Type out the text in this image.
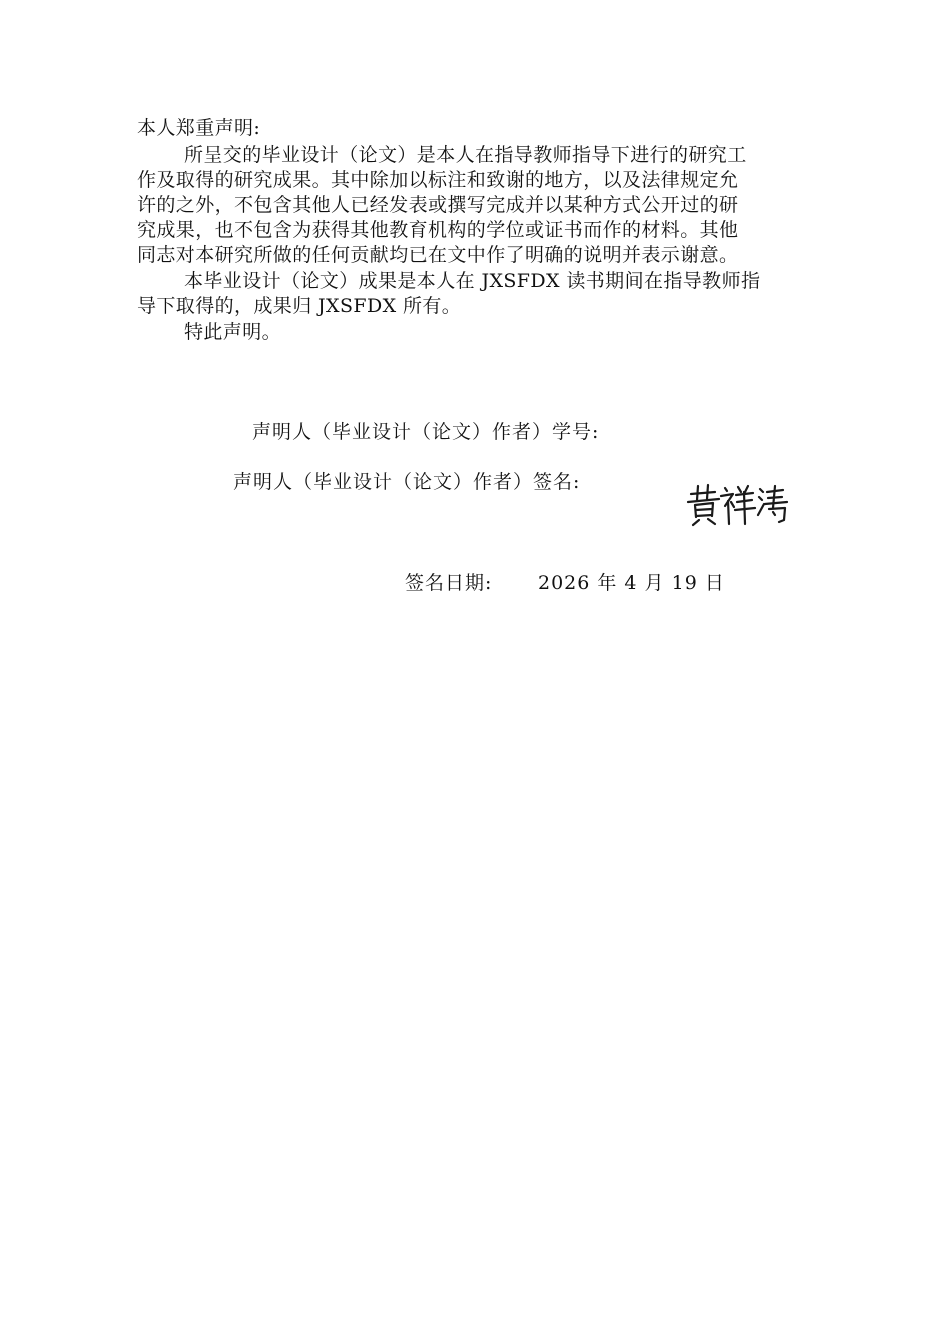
本人郑重声明:
所呈交的毕业设计（论文）是本人在指导教师指导下进行的研究工
作及取得的研究成果。其中除加以标注和致谢的地方，以及法律规定允
许的之外，不包含其他人已经发表或撰写完成并以某种方式公开过的研
究成果，也不包含为获得其他教育机构的学位或证书而作的材料。其他
同志对本研究所做的任何贡献均已在文中作了明确的说明并表示谢意。
本毕业设计（论文）成果是本人在 JXSFDX 读书期间在指导教师指
导下取得的，成果归 JXSFDX 所有。
特此声明。
声明人（毕业设计（论文）作者）学号:
声明人（毕业设计（论文）作者）签名:
签名日期: 2026 年 4 月 19 日
